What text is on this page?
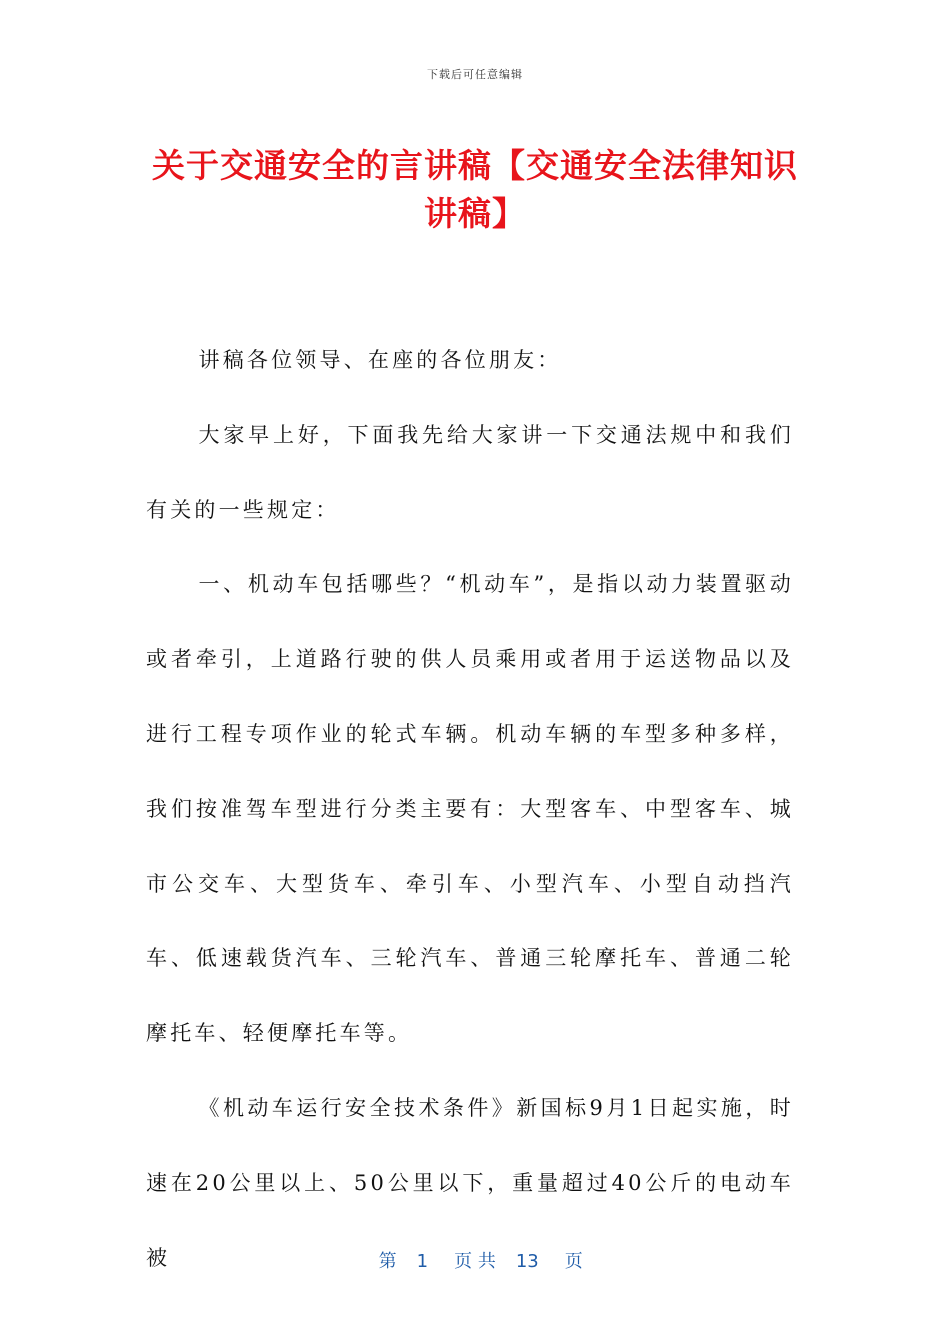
下载后可任意编辑
关于交通安全的言讲稿【交通安全法律知识讲稿】

讲稿各位领导、在座的各位朋友：

大家早上好，下面我先给大家讲一下交通法规中和我们有关的一些规定：

一、机动车包括哪些？“机动车”，是指以动力装置驱动或者牵引，上道路行驶的供人员乘用或者用于运送物品以及进行工程专项作业的轮式车辆。机动车辆的车型多种多样，我们按准驾车型进行分类主要有：大型客车、中型客车、城市公交车、大型货车、牵引车、小型汽车、小型自动挡汽车、低速载货汽车、三轮汽车、普通三轮摩托车、普通二轮摩托车、轻便摩托车等。

《机动车运行安全技术条件》新国标9月1日起实施，时速在20公里以上、50公里以下，重量超过40公斤的电动车被	第 1 页 共 13 页
